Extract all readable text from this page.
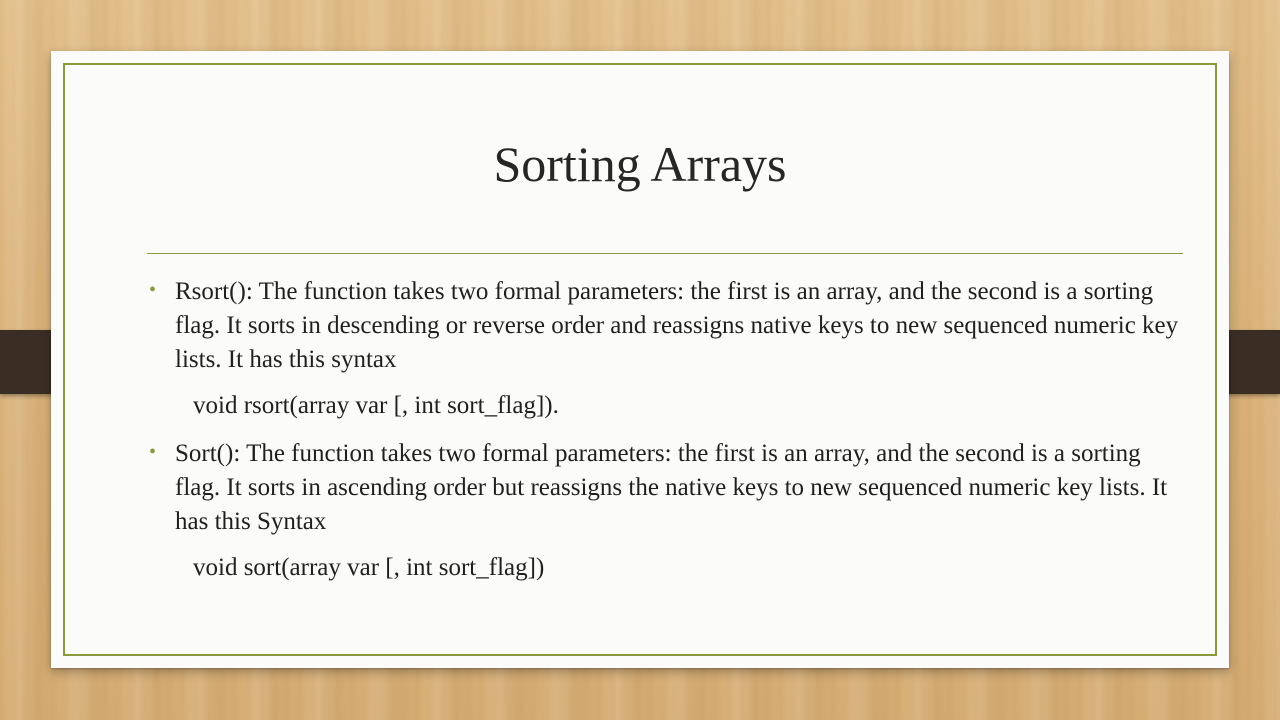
Sorting Arrays
• Rsort(): The function takes two formal parameters: the first is an array, and the second is a sorting flag. It sorts in descending or reverse order and reassigns native keys to new sequenced numeric key lists. It has this syntax
void rsort(array var [, int sort_flag]).
• Sort(): The function takes two formal parameters: the first is an array, and the second is a sorting flag. It sorts in ascending order but reassigns the native keys to new sequenced numeric key lists. It has this Syntax
void sort(array var [, int sort_flag])
